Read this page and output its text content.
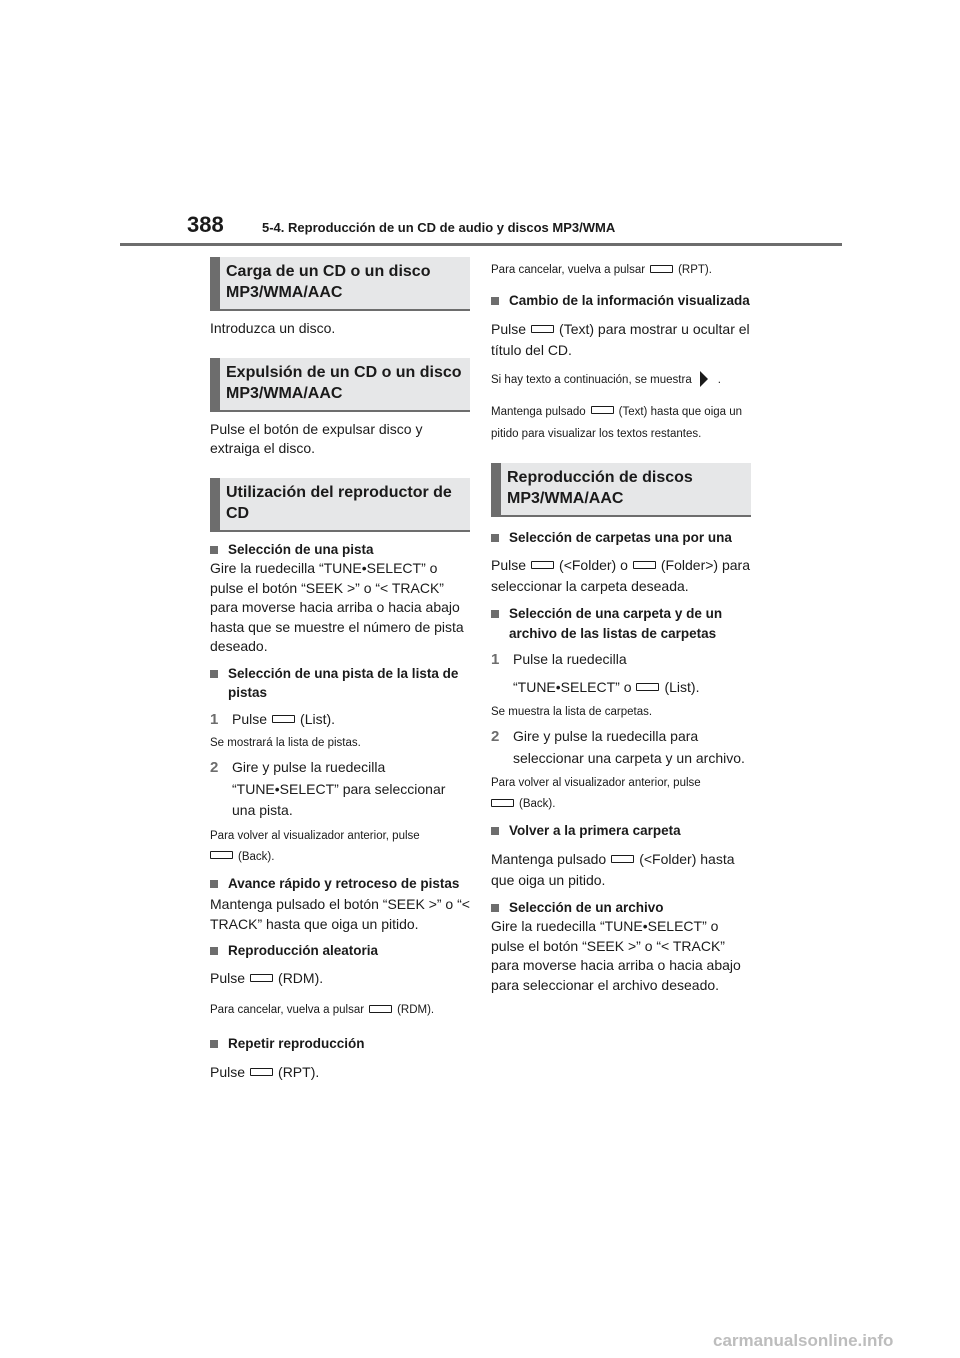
388	5-4. Reproducción de un CD de audio y discos MP3/WMA
Carga de un CD o un disco MP3/WMA/AAC

Introduzca un disco.

Expulsión de un CD o un disco MP3/WMA/AAC

Pulse el botón de expulsar disco y extraiga el disco.

Utilización del reproductor de CD
Selección de una pista

Gire la ruedecilla “TUNE•SELECT” o pulse el botón “SEEK >” o “< TRACK” para moverse hacia arriba o hacia abajo hasta que se muestre el número de pista deseado.

Selección de una pista de la lista de pistas
1 Pulse (List).

Se mostrará la lista de pistas.

2 Gire y pulse la ruedecilla “TUNE•SELECT” para seleccionar una pista.

Para volver al visualizador anterior, pulse

(Back).

Avance rápido y retroceso de pistas

Mantenga pulsado el botón “SEEK >” o “< TRACK” hasta que oiga un pitido.

Reproducción aleatoria

Pulse (RDM).

Para cancelar, vuelva a pulsar	(RDM).

Repetir reproducción

Pulse (RPT).

Para cancelar, vuelva a pulsar	(RPT).

Cambio de la información visualizada

Pulse (Text) para mostrar u ocultar el título del CD.

Si hay texto a continuación, se muestra .

Mantenga pulsado	(Text) hasta que oiga un pitido para visualizar los textos restantes.

Reproducción de discos MP3/WMA/AAC
Selección de carpetas una por una

Pulse (<Folder) o (Folder>) para seleccionar la carpeta deseada.

Selección de una carpeta y de un archivo de las listas de carpetas
1 Pulse la ruedecilla
“TUNE•SELECT” o (List).

Se muestra la lista de carpetas.

2 Gire y pulse la ruedecilla para seleccionar una carpeta y un archivo.

Para volver al visualizador anterior, pulse

(Back).

Volver a la primera carpeta

Mantenga pulsado (<Folder) hasta que oiga un pitido.

Selección de un archivo

Gire la ruedecilla “TUNE•SELECT” o pulse el botón “SEEK >” o “< TRACK” para moverse hacia arriba o hacia abajo para seleccionar el archivo deseado.

carmanualsonline.info
